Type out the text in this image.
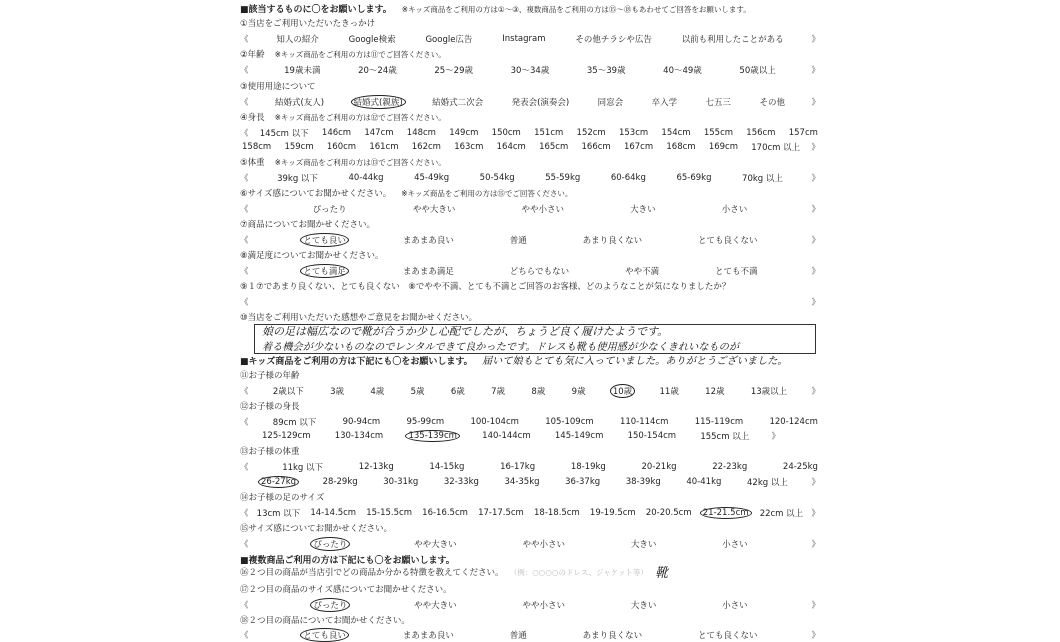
■該当するものに〇をお願いします。 ※キッズ商品をご利用の方は①〜③、複数商品をご利用の方は⑮〜⑱もあわせてご回答をお願いします。
①当店をご利用いただいたきっかけ
《	知人の紹介	Google検索	Google広告	Instagram	その他チラシや広告	以前も利用したことがある	》
②年齢 ※キッズ商品をご利用の方は⑪でご回答ください。
《	19歳未満	20〜24歳	25〜29歳	30〜34歳	35〜39歳	40〜49歳	50歳以上	》
③使用用途について
《	結婚式(友人)	結婚式(親族)	結婚式二次会	発表会(演奏会)	同窓会	卒入学	七五三	その他	》
④身長 ※キッズ商品をご利用の方は⑫でご回答ください。
《 145cm 以下 146cm 147cm 148cm 149cm 150cm 151cm 152cm 153cm 154cm 155cm 156cm 157cm
158cm 159cm 160cm 161cm 162cm 163cm 164cm 165cm 166cm 167cm 168cm 169cm 170cm 以上 》
⑤体重 ※キッズ商品をご利用の方は⑬でご回答ください。
《	39kg 以下	40-44kg	45-49kg	50-54kg	55-59kg	60-64kg	65-69kg	70kg 以上	》
⑥サイズ感についてお聞かせください。 ※キッズ商品をご利用の方は⑮でご回答ください。
《	ぴったり	やや大きい	やや小さい	大きい	小さい	》
⑦商品についてお聞かせください。
《	とても良い	まあまあ良い	普通	あまり良くない	とても良くない	》
⑧満足度についてお聞かせください。
《	とても満足	まあまあ満足	どちらでもない	やや不満	とても不満	》
⑨１⑦であまり良くない、とても良くない　⑧でやや不満、とても不満とご回答のお客様、どのようなことが気になりましたか？
《	》
⑩当店をご利用いただいた感想やご意見をお聞かせください。
■キッズ商品をご利用の方は下記にも〇をお願いします。
⑪お子様の年齢
《	2歳以下	3歳	4歳	5歳	6歳	7歳	8歳	9歳	10歳	11歳	12歳	13歳以上	》
⑫お子様の身長
《	89cm 以下	90-94cm	95-99cm	100-104cm	105-109cm	110-114cm	115-119cm	120-124cm
125-129cm	130-134cm	135-139cm	140-144cm	145-149cm	150-154cm	155cm 以上	》
⑬お子様の体重
《	11kg 以下	12-13kg	14-15kg	16-17kg	18-19kg	20-21kg	22-23kg	24-25kg
26-27kg	28-29kg	30-31kg	32-33kg	34-35kg	36-37kg	38-39kg	40-41kg	42kg 以上	》
⑭お子様の足のサイズ
《 13cm 以下 14-14.5cm 15-15.5cm 16-16.5cm 17-17.5cm 18-18.5cm 19-19.5cm 20-20.5cm	21-21.5cm	22cm 以上 》
⑮サイズ感についてお聞かせください。
《	ぴったり	やや大きい	やや小さい	大きい	小さい	》
■複数商品ご利用の方は下記にも〇をお願いします。
⑯２つ目の商品が当店引でどの商品か分かる特徴を教えてください。 （例：○○○○のドレス、ジャケット等）
⑰２つ目の商品のサイズ感についてお聞かせください。
《	ぴったり	やや大きい	やや小さい	大きい	小さい	》
⑱２つ目の商品についてお聞かせください。
《	とても良い	まあまあ良い	普通	あまり良くない	とても良くない	》
娘の足は幅広なので靴が合うか少し心配でしたが、ちょうど良く履けたようです。
着る機会が少ないものなのでレンタルできて良かったです。ドレスも靴も使用感が少なくきれいなものが
届いて娘もとても気に入っていました。ありがとうございました。
靴
